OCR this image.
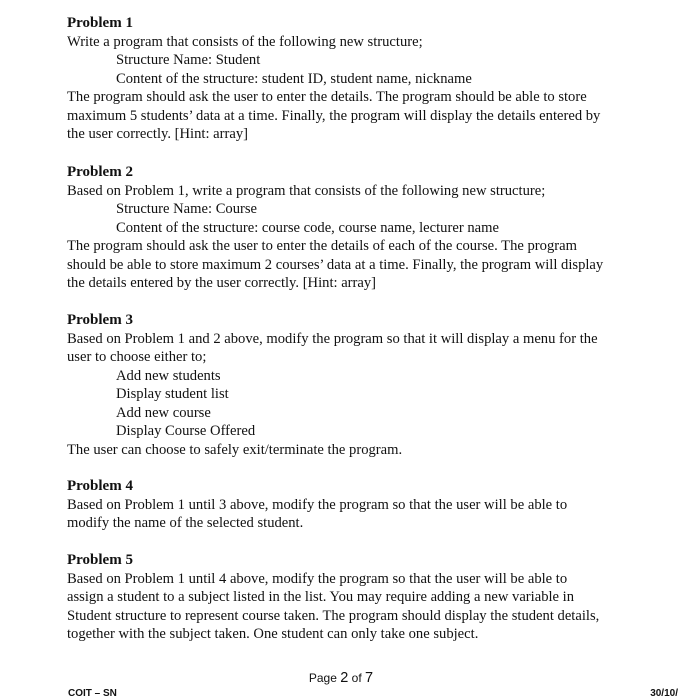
Problem 1
Write a program that consists of the following new structure;
Structure Name: Student
Content of the structure: student ID, student name, nickname
The program should ask the user to enter the details. The program should be able to store
maximum 5 students’ data at a time. Finally, the program will display the details entered by
the user correctly. [Hint: array]
Problem 2
Based on Problem 1, write a program that consists of the following new structure;
Structure Name: Course
Content of the structure: course code, course name, lecturer name
The program should ask the user to enter the details of each of the course. The program
should be able to store maximum 2 courses’ data at a time. Finally, the program will display
the details entered by the user correctly. [Hint: array]
Problem 3
Based on Problem 1 and 2 above, modify the program so that it will display a menu for the
user to choose either to;
Add new students
Display student list
Add new course
Display Course Offered
The user can choose to safely exit/terminate the program.
Problem 4
Based on Problem 1 until 3 above, modify the program so that the user will be able to
modify the name of the selected student.
Problem 5
Based on Problem 1 until 4 above, modify the program so that the user will be able to
assign a student to a subject listed in the list. You may require adding a new variable in
Student structure to represent course taken. The program should display the student details,
together with the subject taken. One student can only take one subject.
Page 2 of 7
COIT – SN	30/10/
